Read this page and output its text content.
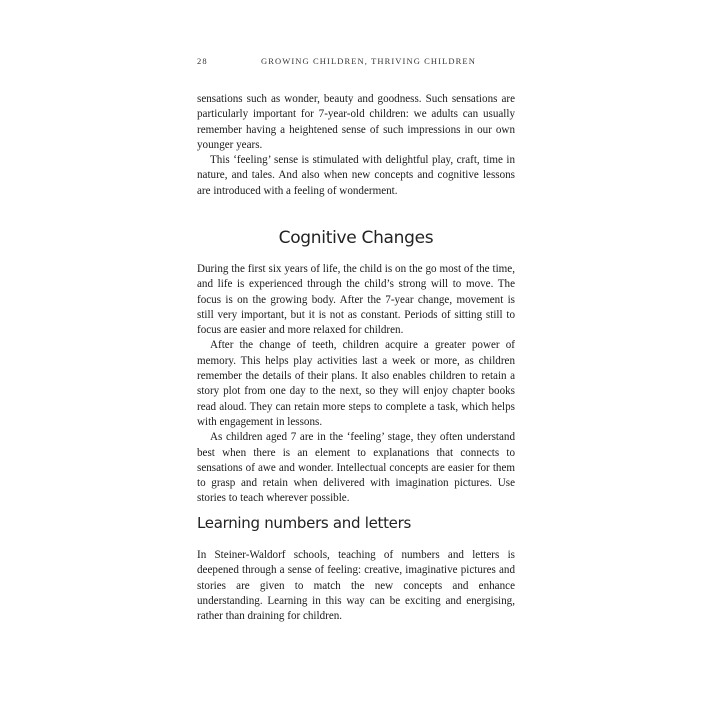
28	GROWING CHILDREN, THRIVING CHILDREN

sensations such as wonder, beauty and goodness. Such sensations are particularly important for 7-year-old children: we adults can usually remember having a heightened sense of such impressions in our own younger years.

This ‘feeling’ sense is stimulated with delightful play, craft, time in nature, and tales. And also when new concepts and cognitive lessons are introduced with a feeling of wonderment.

Cognitive Changes

During the first six years of life, the child is on the go most of the time, and life is experienced through the child’s strong will to move. The focus is on the growing body. After the 7-year change, movement is still very important, but it is not as constant. Periods of sitting still to focus are easier and more relaxed for children.

After the change of teeth, children acquire a greater power of memory. This helps play activities last a week or more, as children remember the details of their plans. It also enables children to retain a story plot from one day to the next, so they will enjoy chapter books read aloud. They can retain more steps to complete a task, which helps with engagement in lessons.

As children aged 7 are in the ‘feeling’ stage, they often understand best when there is an element to explanations that connects to sensations of awe and wonder. Intellectual concepts are easier for them to grasp and retain when delivered with imagination pictures. Use stories to teach wherever possible.

Learning numbers and letters

In Steiner-Waldorf schools, teaching of numbers and letters is deepened through a sense of feeling: creative, imaginative pictures and stories are given to match the new concepts and enhance understanding. Learning in this way can be exciting and energising, rather than draining for children.
